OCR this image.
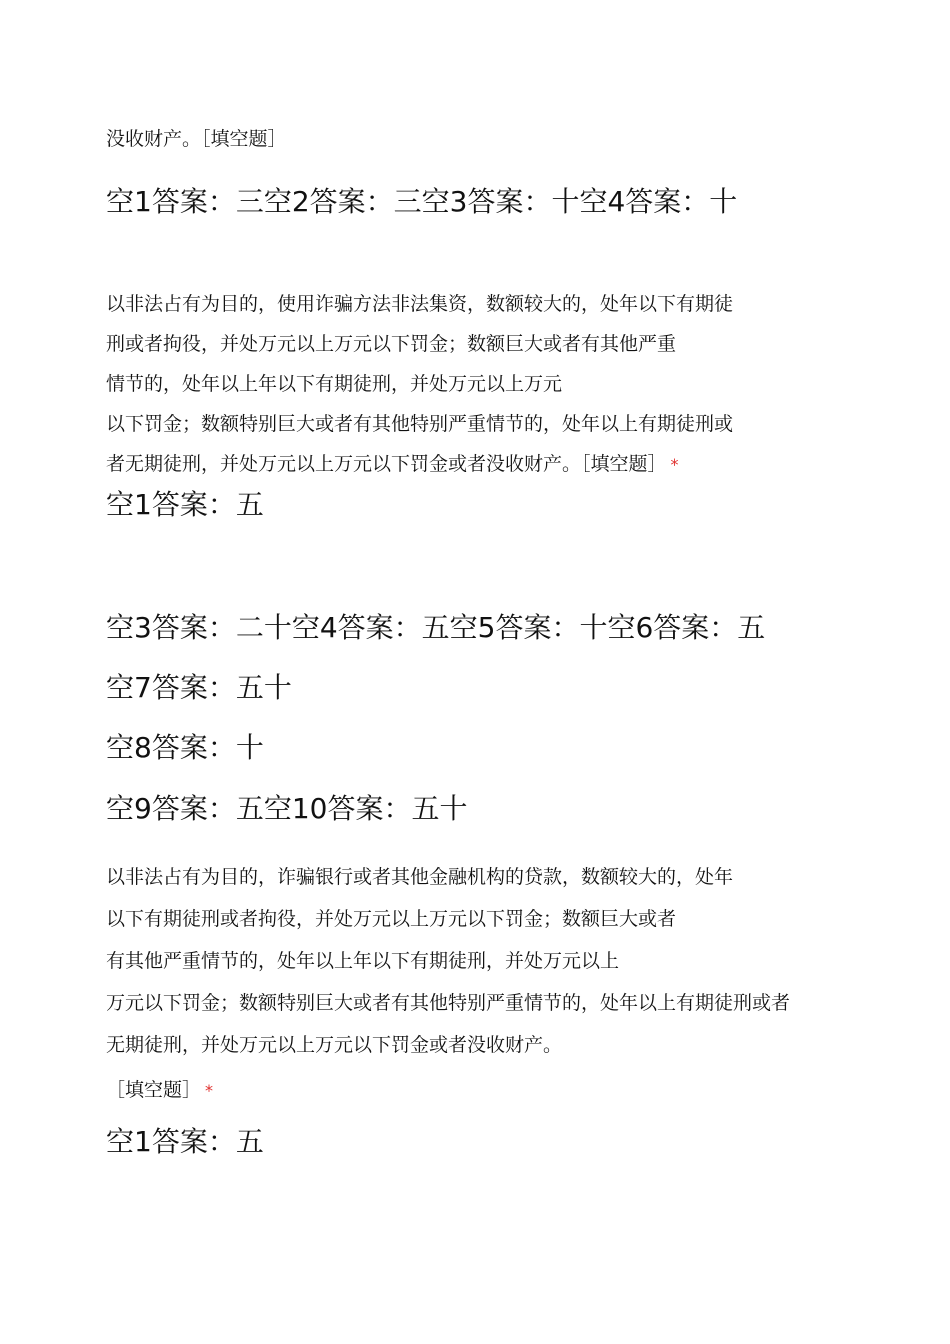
没收财产。［填空题］
空1答案：三空2答案：三空3答案：十空4答案：十
以非法占有为目的，使用诈骗方法非法集资，数额较大的，处年以下有期徒
刑或者拘役，并处万元以上万元以下罚金；数额巨大或者有其他严重
情节的，处年以上年以下有期徒刑，并处万元以上万元
以下罚金；数额特别巨大或者有其他特别严重情节的，处年以上有期徒刑或
者无期徒刑，并处万元以上万元以下罚金或者没收财产。［填空题］ *
空1答案：五
空3答案：二十空4答案：五空5答案：十空6答案：五
空7答案：五十
空8答案：十
空9答案：五空10答案：五十
以非法占有为目的，诈骗银行或者其他金融机构的贷款，数额较大的，处年
以下有期徒刑或者拘役，并处万元以上万元以下罚金；数额巨大或者
有其他严重情节的，处年以上年以下有期徒刑，并处万元以上
万元以下罚金；数额特别巨大或者有其他特别严重情节的，处年以上有期徒刑或者
无期徒刑，并处万元以上万元以下罚金或者没收财产。
［填空题］ *
空1答案：五
